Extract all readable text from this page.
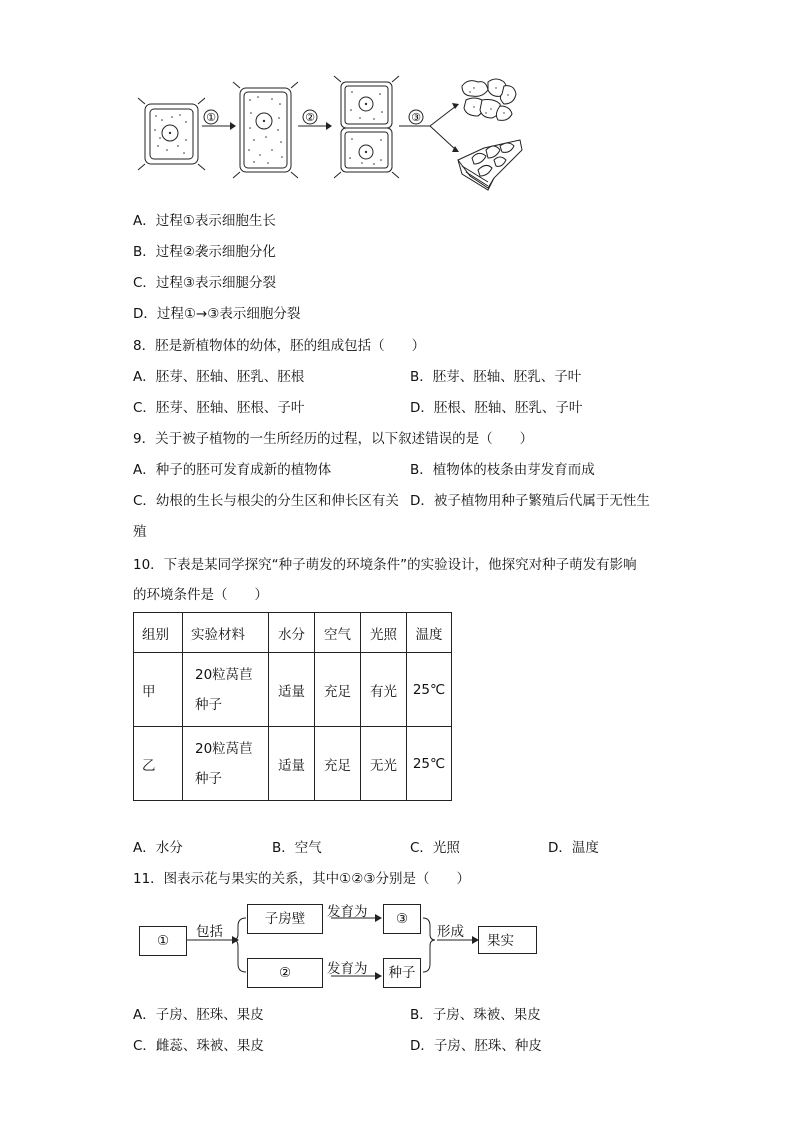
①	②	③
A．过程①表示细胞生长
B．过程②袭示细胞分化
C．过程③表示细腿分裂
D．过程①→③表示细胞分裂
8．胚是新植物体的幼体，胚的组成包括（　　）
A．胚芽、胚轴、胚乳、胚根	B．胚芽、胚轴、胚乳、子叶
C．胚芽、胚轴、胚根、子叶	D．胚根、胚轴、胚乳、子叶
9．关于被子植物的一生所经历的过程，以下叙述错误的是（　　）
A．种子的胚可发育成新的植物体	B．植物体的枝条由芽发育而成
C．幼根的生长与根尖的分生区和伸长区有关 D．被子植物用种子繁殖后代属于无性生
殖
10．下表是某同学探究“种子萌发的环境条件”的实验设计，他探究对种子萌发有影响
的环境条件是（　　）
组别	实验材料	水分	空气	光照	温度
甲	20粒莴苣
种子	适量	充足	有光	25℃
乙	20粒莴苣
种子	适量	充足	无光	25℃
A．水分	B．空气	C．光照	D．温度
11．图表示花与果实的关系，其中①②③分别是（　　）
①
包括
子房壁
②
发育为
发育为
③
种子
形成
果实
A．子房、胚珠、果皮	B．子房、珠被、果皮
C．雌蕊、珠被、果皮	D．子房、胚珠、种皮
